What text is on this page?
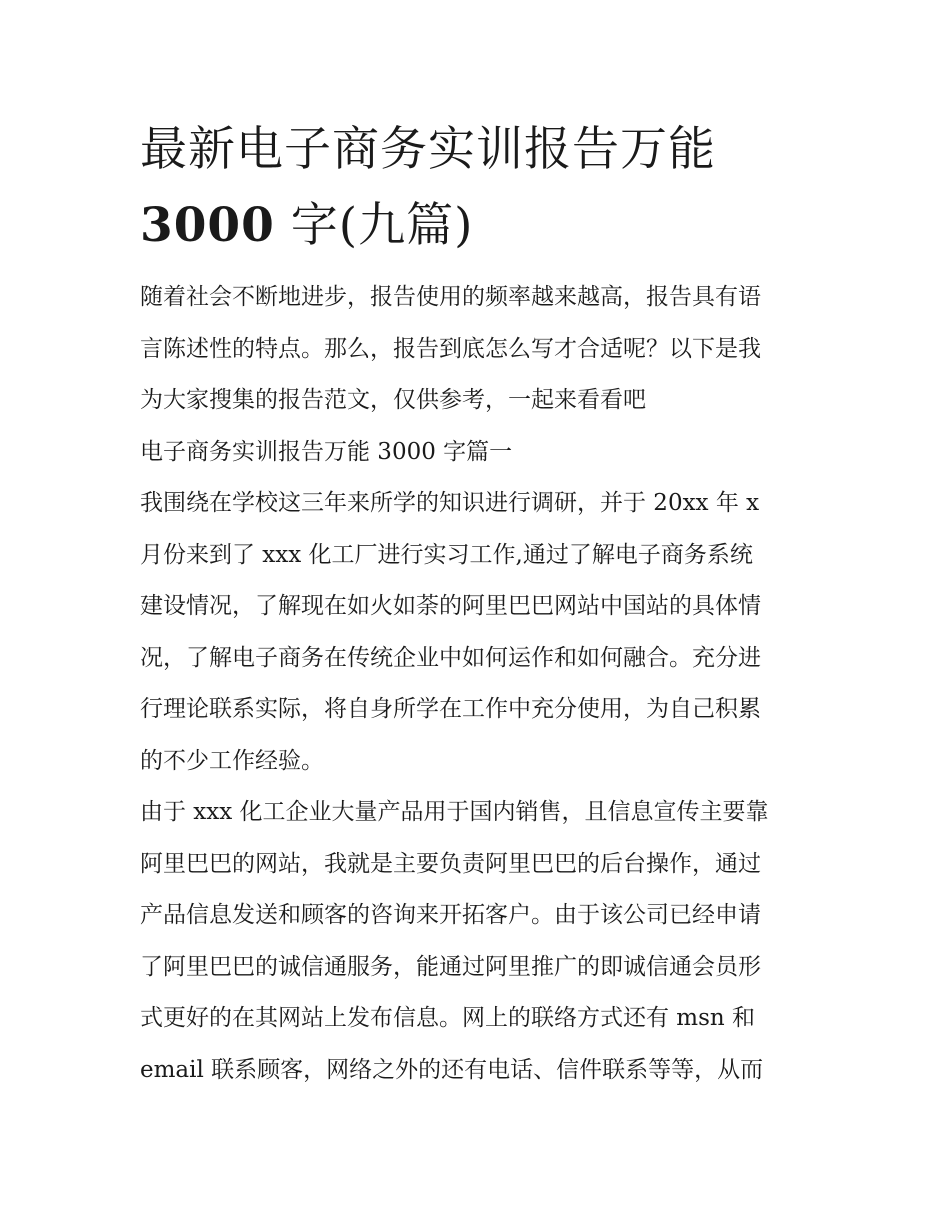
最新电子商务实训报告万能
3000 字(九篇)

随着社会不断地进步，报告使用的频率越来越高，报告具有语
言陈述性的特点。那么，报告到底怎么写才合适呢？以下是我
为大家搜集的报告范文，仅供参考，一起来看看吧

电子商务实训报告万能 3000 字篇一

我围绕在学校这三年来所学的知识进行调研，并于 20xx 年 x
月份来到了 xxx 化工厂进行实习工作,通过了解电子商务系统
建设情况，了解现在如火如荼的阿里巴巴网站中国站的具体情
况，了解电子商务在传统企业中如何运作和如何融合。充分进
行理论联系实际，将自身所学在工作中充分使用，为自己积累
的不少工作经验。

由于 xxx 化工企业大量产品用于国内销售，且信息宣传主要靠
阿里巴巴的网站，我就是主要负责阿里巴巴的后台操作，通过
产品信息发送和顾客的咨询来开拓客户。由于该公司已经申请
了阿里巴巴的诚信通服务，能通过阿里推广的即诚信通会员形
式更好的在其网站上发布信息。网上的联络方式还有 msn 和
email 联系顾客，网络之外的还有电话、信件联系等等，从而
